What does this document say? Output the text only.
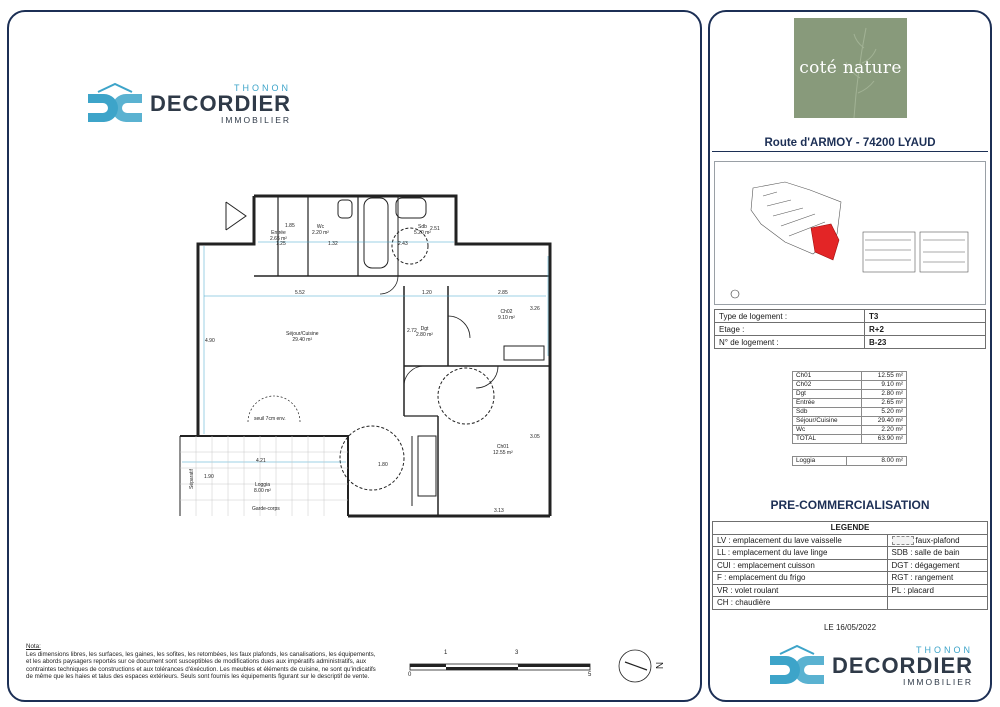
THONON
DECORDIER
IMMOBILIER
Entrée
2.65 m²
Wc
2.20 m²
Sdb
5.20 m²
Séjour/Cuisine
29.40 m²
Dgt
2.80 m²
Ch02
9.10 m²
Ch01
12.55 m²
Loggia
8.00 m²
1.25	1.32	2.43
1.85
5.52	1.20	2.85
4.90
4.21
1.90
1.80
3.13
2.72
2.51
3.05
3.26
seuil 7cm env.
Séparatif
Garde-corps
Nota:
Les dimensions libres, les surfaces, les gaines, les sofites, les retombées, les faux plafonds, les canalisations, les équipements, et les abords paysagers reportés sur ce document sont susceptibles de modifications dues aux impératifs administratifs, aux contraintes techniques de constructions et aux tolérances d'éxécution. Les meubles et éléments de cuisine, ne sont qu'indicatifs de même que les haies et talus des espaces extérieurs. Seuls sont fournis les équipements figurant sur le descriptif de vente.	0
1	3
5
N
coté nature
Route d'ARMOY - 74200 LYAUD
Type de logement :	T3
Etage :	R+2
N° de logement :	B-23
Ch01	12.55 m²
Ch02	9.10 m²
Dgt	2.80 m²
Entrée	2.65 m²
Sdb	5.20 m²
Séjour/Cuisine	29.40 m²
Wc	2.20 m²
TOTAL	63.90 m²
Loggia	8.00 m²
PRE-COMMERCIALISATION
LEGENDE	
LV : emplacement du lave vaisselle	faux-plafond
LL : emplacement du lave linge	SDB : salle de bain
CUI : emplacement cuisson	DGT : dégagement
F : emplacement du frigo	RGT : rangement
VR : volet roulant	PL : placard
CH : chaudière	
LE 16/05/2022
THONON
DECORDIER
IMMOBILIER
